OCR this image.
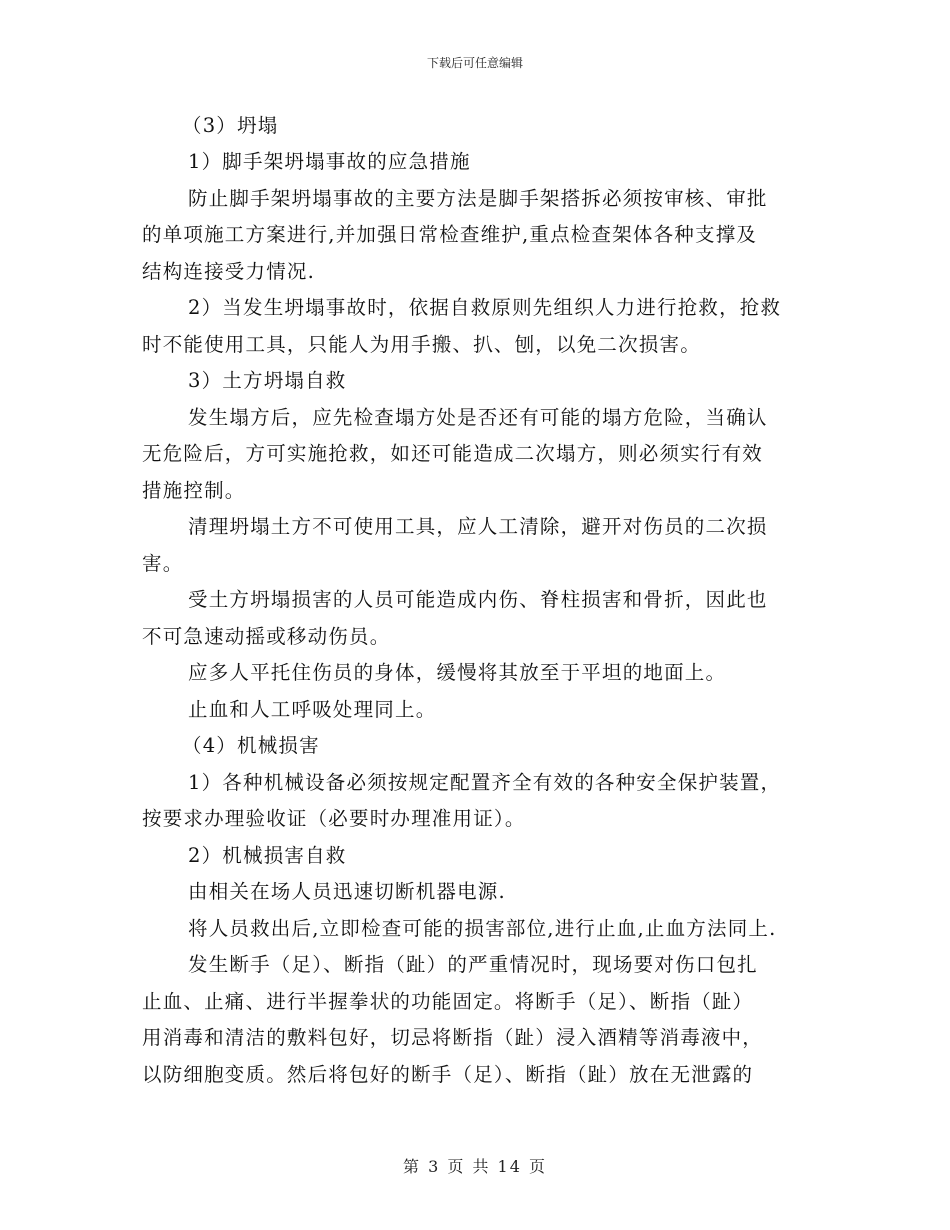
下载后可任意编辑
（3）坍塌
1）脚手架坍塌事故的应急措施
防止脚手架坍塌事故的主要方法是脚手架搭拆必须按审核、审批
的单项施工方案进行,并加强日常检查维护,重点检查架体各种支撑及
结构连接受力情况.
2）当发生坍塌事故时，依据自救原则先组织人力进行抢救，抢救
时不能使用工具，只能人为用手搬、扒、刨，以免二次损害。
3）土方坍塌自救
发生塌方后，应先检查塌方处是否还有可能的塌方危险，当确认
无危险后，方可实施抢救，如还可能造成二次塌方，则必须实行有效
措施控制。
清理坍塌土方不可使用工具，应人工清除，避开对伤员的二次损
害。
受土方坍塌损害的人员可能造成内伤、脊柱损害和骨折，因此也
不可急速动摇或移动伤员。
应多人平托住伤员的身体，缓慢将其放至于平坦的地面上。
止血和人工呼吸处理同上。
（4）机械损害
1）各种机械设备必须按规定配置齐全有效的各种安全保护装置，
按要求办理验收证（必要时办理准用证）。
2）机械损害自救
由相关在场人员迅速切断机器电源.
将人员救出后,立即检查可能的损害部位,进行止血,止血方法同上.
发生断手（足）、断指（趾）的严重情况时，现场要对伤口包扎
止血、止痛、进行半握拳状的功能固定。将断手（足）、断指（趾）
用消毒和清洁的敷料包好，切忌将断指（趾）浸入酒精等消毒液中，
以防细胞变质。然后将包好的断手（足）、断指（趾）放在无泄露的
第 3 页 共 14 页
